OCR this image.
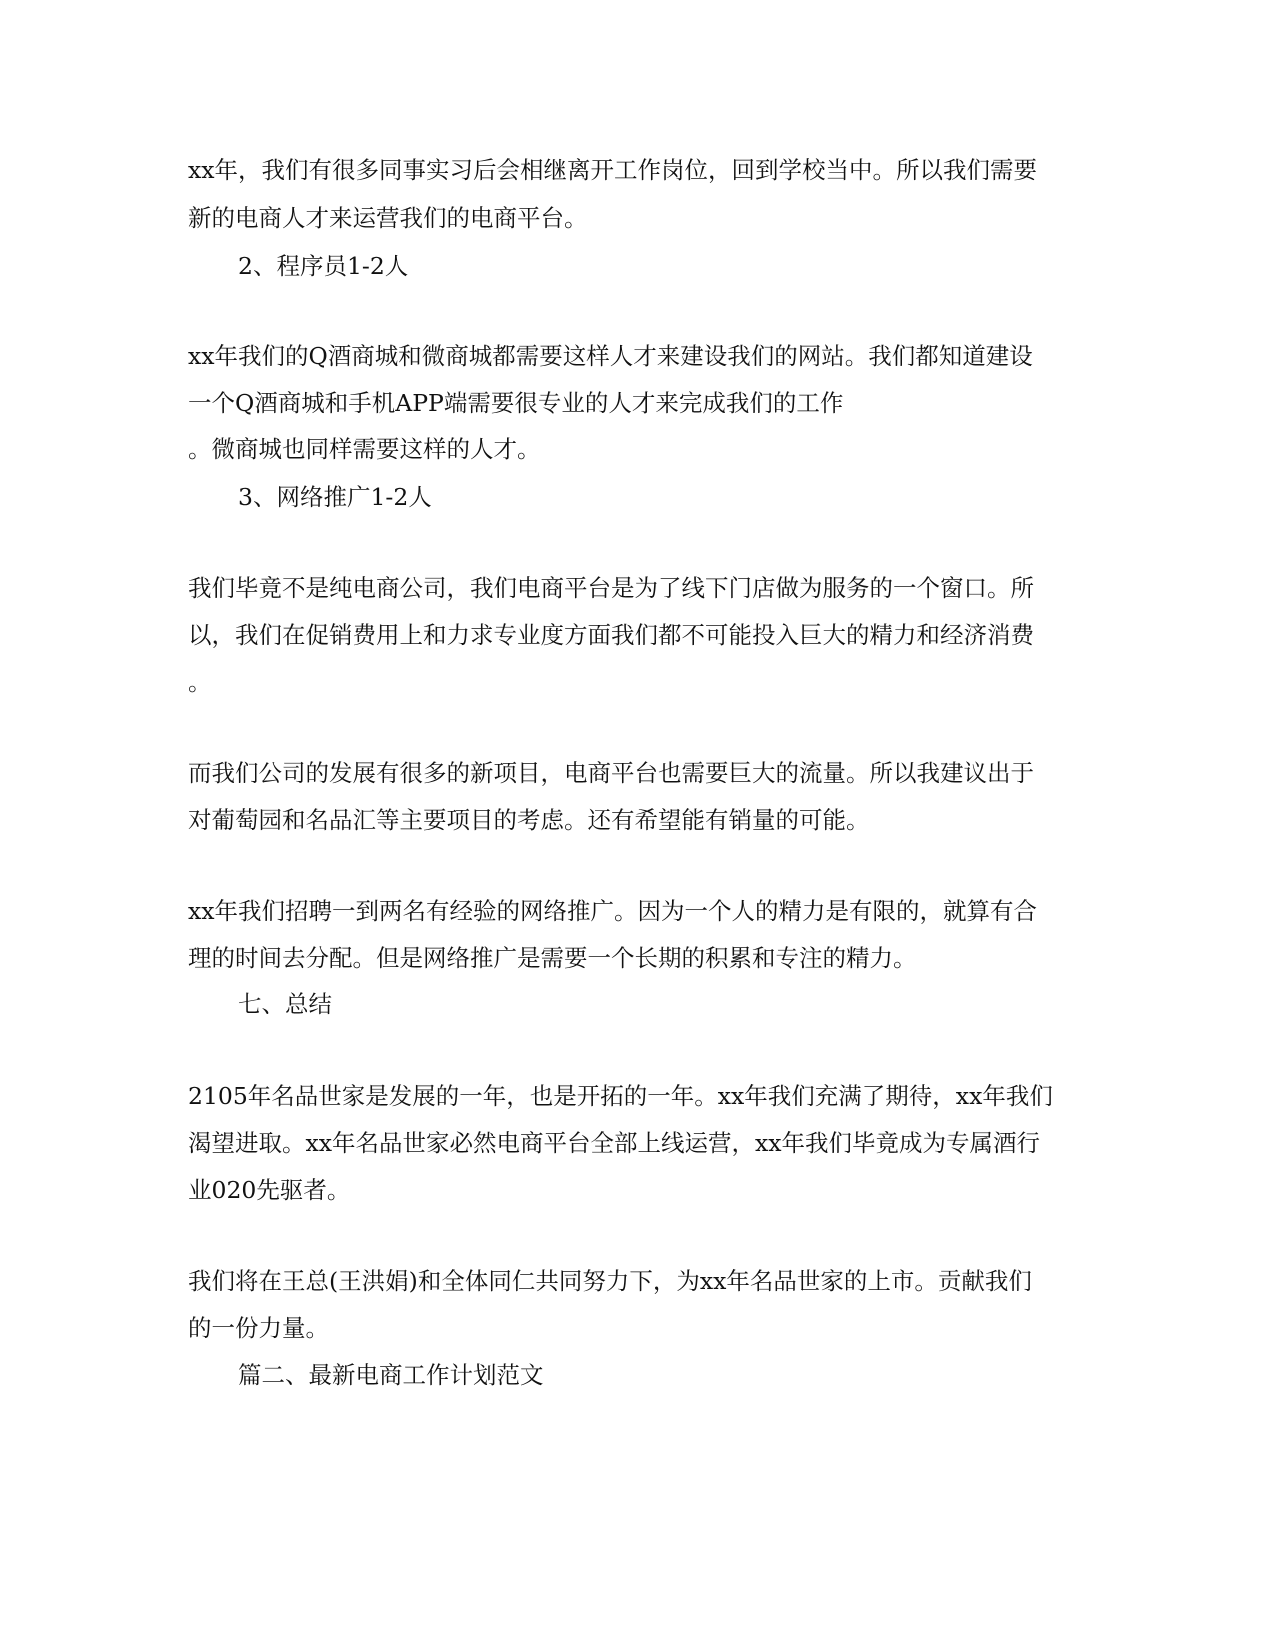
xx年，我们有很多同事实习后会相继离开工作岗位，回到学校当中。所以我们需要
新的电商人才来运营我们的电商平台。
2、程序员1-2人
xx年我们的Q酒商城和微商城都需要这样人才来建设我们的网站。我们都知道建设
一个Q酒商城和手机APP端需要很专业的人才来完成我们的工作
。微商城也同样需要这样的人才。
3、网络推广1-2人
我们毕竟不是纯电商公司，我们电商平台是为了线下门店做为服务的一个窗口。所
以，我们在促销费用上和力求专业度方面我们都不可能投入巨大的精力和经济消费
。
而我们公司的发展有很多的新项目，电商平台也需要巨大的流量。所以我建议出于
对葡萄园和名品汇等主要项目的考虑。还有希望能有销量的可能。
xx年我们招聘一到两名有经验的网络推广。因为一个人的精力是有限的，就算有合
理的时间去分配。但是网络推广是需要一个长期的积累和专注的精力。
七、总结
2105年名品世家是发展的一年，也是开拓的一年。xx年我们充满了期待，xx年我们
渴望进取。xx年名品世家必然电商平台全部上线运营，xx年我们毕竟成为专属酒行
业020先驱者。
我们将在王总(王洪娟)和全体同仁共同努力下，为xx年名品世家的上市。贡献我们
的一份力量。
篇二、最新电商工作计划范文
